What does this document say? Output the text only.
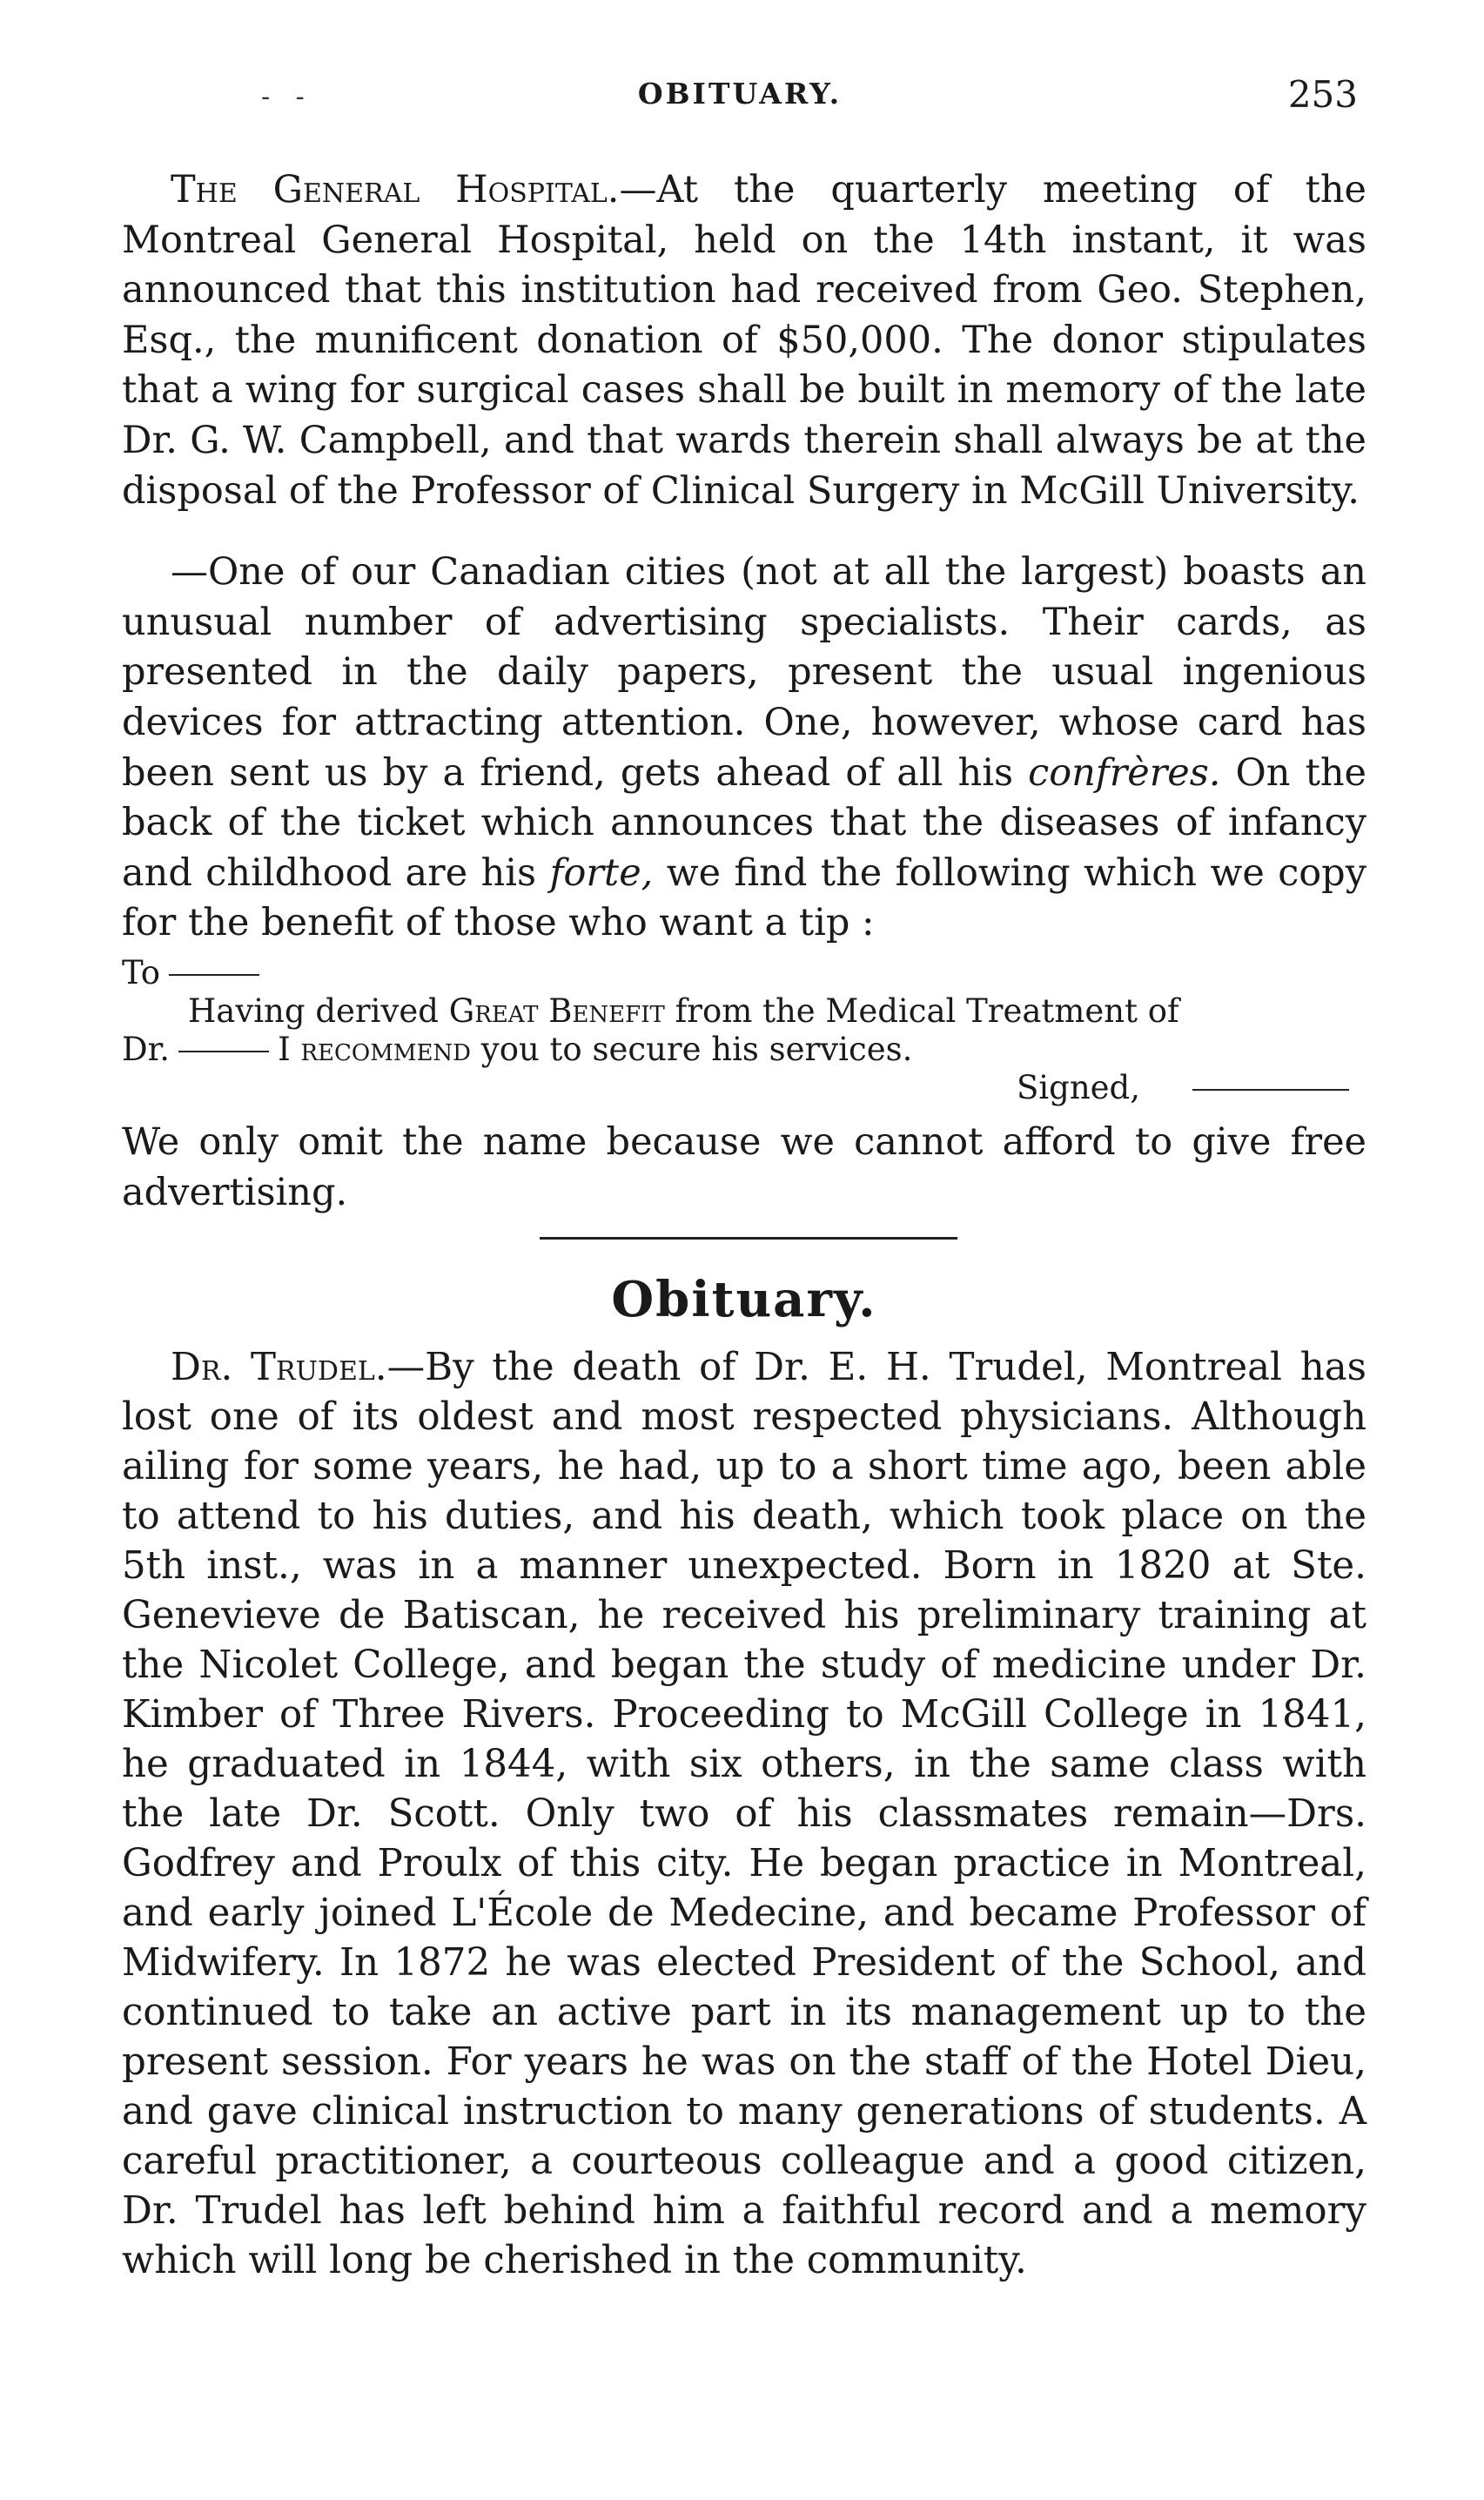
- -	OBITUARY.	253

The General Hospital.—At the quarterly meeting of the Montreal General Hospital, held on the 14th instant, it was announced that this institution had received from Geo. Stephen, Esq., the munificent donation of $50,000. The donor stipulates that a wing for surgical cases shall be built in memory of the late Dr. G. W. Campbell, and that wards therein shall always be at the disposal of the Professor of Clinical Surgery in McGill University.

—One of our Canadian cities (not at all the largest) boasts an unusual number of advertising specialists. Their cards, as presented in the daily papers, present the usual ingenious devices for attracting attention. One, however, whose card has been sent us by a friend, gets ahead of all his confrères. On the back of the ticket which announces that the diseases of infancy and childhood are his forte, we find the following which we copy for the benefit of those who want a tip :

To

Having derived Great Benefit from the Medical Treatment of

Dr.	I recommend you to secure his services.

Signed,

We only omit the name because we cannot afford to give free advertising.

Obituary.

Dr. Trudel.—By the death of Dr. E. H. Trudel, Montreal has lost one of its oldest and most respected physicians. Although ailing for some years, he had, up to a short time ago, been able to attend to his duties, and his death, which took place on the 5th inst., was in a manner unexpected. Born in 1820 at Ste. Genevieve de Batiscan, he received his preliminary training at the Nicolet College, and began the study of medicine under Dr. Kimber of Three Rivers. Proceeding to McGill College in 1841, he graduated in 1844, with six others, in the same class with the late Dr. Scott. Only two of his classmates remain—Drs. Godfrey and Proulx of this city. He began practice in Montreal, and early joined L'École de Medecine, and became Professor of Midwifery. In 1872 he was elected President of the School, and continued to take an active part in its management up to the present session. For years he was on the staff of the Hotel Dieu, and gave clinical instruction to many generations of students. A careful practitioner, a courteous colleague and a good citizen, Dr. Trudel has left behind him a faithful record and a memory which will long be cherished in the community.
